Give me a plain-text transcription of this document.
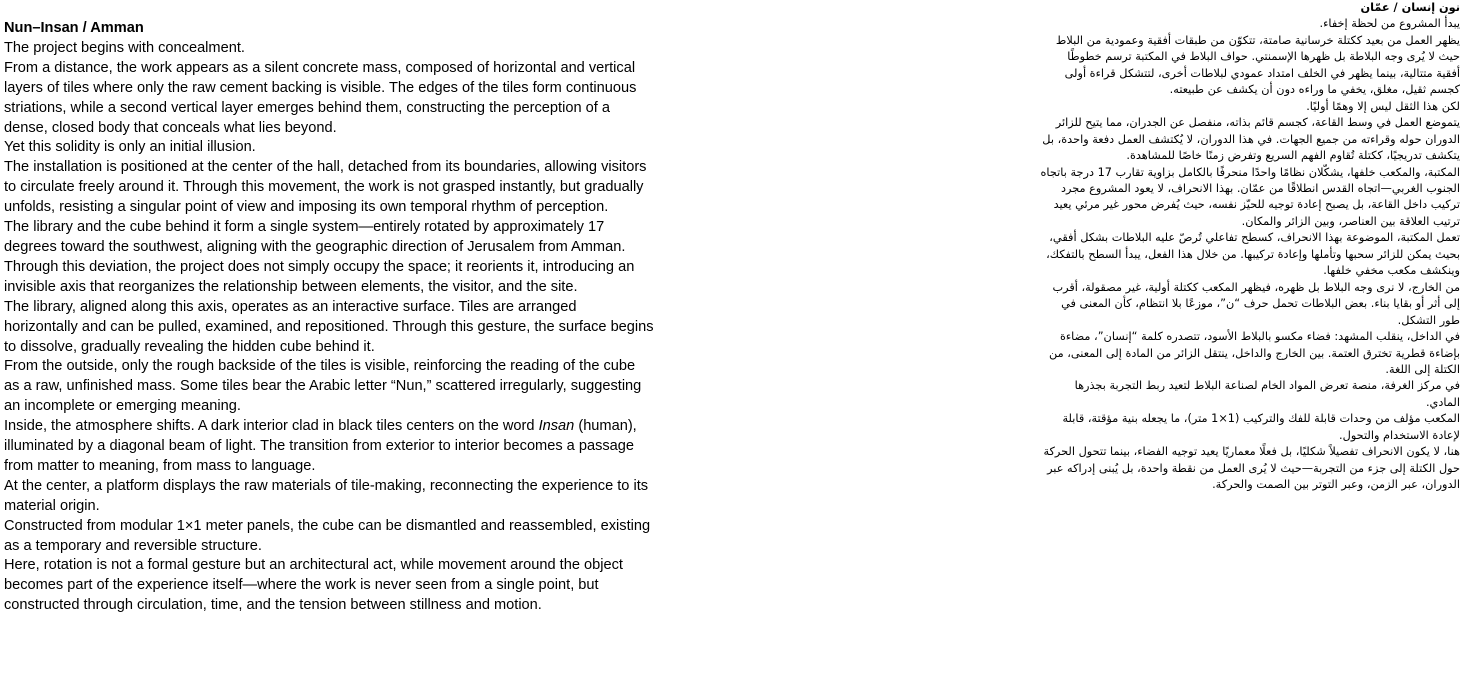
Nun–Insan / Amman

The project begins with concealment.

From a distance, the work appears as a silent concrete mass, composed of horizontal and vertical layers of tiles where only the raw cement backing is visible. The edges of the tiles form continuous striations, while a second vertical layer emerges behind them, constructing the perception of a dense, closed body that conceals what lies beyond.

Yet this solidity is only an initial illusion.

The installation is positioned at the center of the hall, detached from its boundaries, allowing visitors to circulate freely around it. Through this movement, the work is not grasped instantly, but gradually unfolds, resisting a singular point of view and imposing its own temporal rhythm of perception.

The library and the cube behind it form a single system—entirely rotated by approximately 17 degrees toward the southwest, aligning with the geographic direction of Jerusalem from Amman. Through this deviation, the project does not simply occupy the space; it reorients it, introducing an invisible axis that reorganizes the relationship between elements, the visitor, and the site.

The library, aligned along this axis, operates as an interactive surface. Tiles are arranged horizontally and can be pulled, examined, and repositioned. Through this gesture, the surface begins to dissolve, gradually revealing the hidden cube behind it.

From the outside, only the rough backside of the tiles is visible, reinforcing the reading of the cube as a raw, unfinished mass. Some tiles bear the Arabic letter “Nun,” scattered irregularly, suggesting an incomplete or emerging meaning.

Inside, the atmosphere shifts. A dark interior clad in black tiles centers on the word Insan (human), illuminated by a diagonal beam of light. The transition from exterior to interior becomes a passage from matter to meaning, from mass to language.

At the center, a platform displays the raw materials of tile-making, reconnecting the experience to its material origin.

Constructed from modular 1×1 meter panels, the cube can be dismantled and reassembled, existing as a temporary and reversible structure.

Here, rotation is not a formal gesture but an architectural act, while movement around the object becomes part of the experience itself—where the work is never seen from a single point, but constructed through circulation, time, and the tension between stillness and motion.

نون إنسان / عمّان

يبدأ المشروع من لحظة إخفاء.

يظهر العمل من بعيد ككتلة خرسانية صامتة، تتكوّن من طبقات أفقية وعمودية من البلاط حيث لا يُرى وجه البلاطة بل ظهرها الإسمنتي. حواف البلاط في المكتبة ترسم خطوطًا أفقية متتالية، بينما يظهر في الخلف امتداد عمودي لبلاطات أخرى، لتتشكل قراءة أولى كجسم ثقيل، مغلق، يخفي ما وراءه دون أن يكشف عن طبيعته.

لكن هذا الثقل ليس إلا وهمًا أوليًا.

يتموضع العمل في وسط القاعة، كجسم قائم بذاته، منفصل عن الجدران، مما يتيح للزائر الدوران حوله وقراءته من جميع الجهات. في هذا الدوران، لا يُكتشف العمل دفعة واحدة، بل يتكشف تدريجيًا، ككتلة تُقاوم الفهم السريع وتفرض زمنًا خاصًا للمشاهدة.

المكتبة، والمكعب خلفها، يشكّلان نظامًا واحدًا منحرفًا بالكامل بزاوية تقارب 17 درجة باتجاه الجنوب الغربي—اتجاه القدس انطلاقًا من عمّان. بهذا الانحراف، لا يعود المشروع مجرد تركيب داخل القاعة، بل يصبح إعادة توجيه للحيّز نفسه، حيث يُفرض محور غير مرئي يعيد ترتيب العلاقة بين العناصر، وبين الزائر والمكان.

تعمل المكتبة، الموضوعة بهذا الانحراف، كسطح تفاعلي تُرصّ عليه البلاطات بشكل أفقي، بحيث يمكن للزائر سحبها وتأملها وإعادة تركيبها. من خلال هذا الفعل، يبدأ السطح بالتفكك، وينكشف مكعب مخفي خلفها.

من الخارج، لا نرى وجه البلاط بل ظهره، فيظهر المكعب ككتلة أولية، غير مصقولة، أقرب إلى أثر أو بقايا بناء. بعض البلاطات تحمل حرف “ن”، موزعًا بلا انتظام، كأن المعنى في طور التشكل.

في الداخل، ينقلب المشهد: فضاء مكسو بالبلاط الأسود، تتصدره كلمة “إنسان”، مضاءة بإضاءة قطرية تخترق العتمة. بين الخارج والداخل، ينتقل الزائر من المادة إلى المعنى، من الكتلة إلى اللغة.

في مركز الغرفة، منصة تعرض المواد الخام لصناعة البلاط لتعيد ربط التجربة بجذرها المادي.

المكعب مؤلف من وحدات قابلة للفك والتركيب (1×1 متر)، ما يجعله بنية مؤقتة، قابلة لإعادة الاستخدام والتحول.

هنا، لا يكون الانحراف تفصيلاً شكليًا، بل فعلًا معماريًا يعيد توجيه الفضاء، بينما تتحول الحركة حول الكتلة إلى جزء من التجربة—حيث لا يُرى العمل من نقطة واحدة، بل يُبنى إدراكه عبر الدوران، عبر الزمن، وعبر التوتر بين الصمت والحركة.
